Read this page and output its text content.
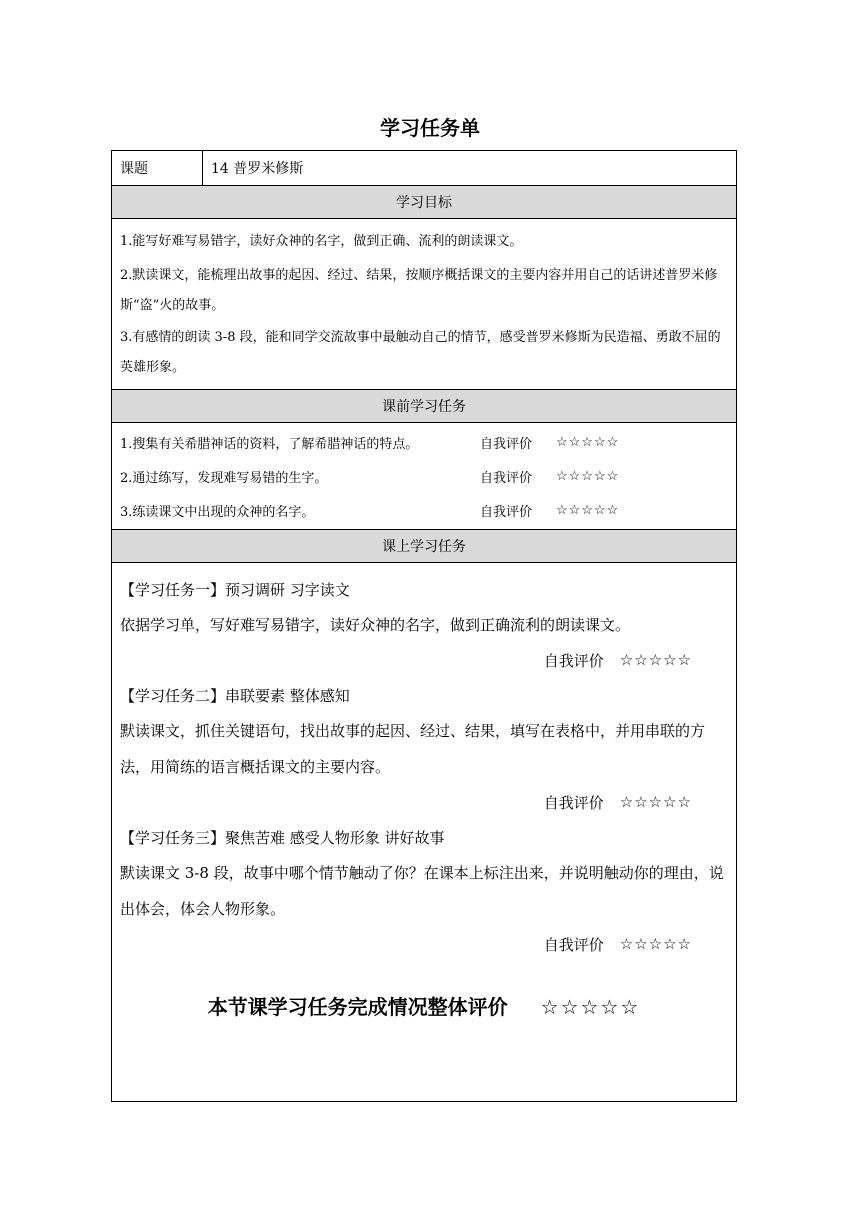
学习任务单
课题	14 普罗米修斯
学习目标

1.能写好难写易错字，读好众神的名字，做到正确、流利的朗读课文。
2.默读课文，能梳理出故事的起因、经过、结果，按顺序概括课文的主要内容并用自己的话讲述普罗米修斯“盗”火的故事。
3.有感情的朗读 3-8 段，能和同学交流故事中最触动自己的情节，感受普罗米修斯为民造福、勇敢不屈的英雄形象。

课前学习任务

1.搜集有关希腊神话的资料，了解希腊神话的特点。	自我评价	☆☆☆☆☆
2.通过练写，发现难写易错的生字。	自我评价	☆☆☆☆☆
3.练读课文中出现的众神的名字。	自我评价	☆☆☆☆☆

课上学习任务

【学习任务一】预习调研 习字读文
依据学习单，写好难写易错字，读好众神的名字，做到正确流利的朗读课文。
自我评价 ☆☆☆☆☆
【学习任务二】串联要素 整体感知
默读课文，抓住关键语句，找出故事的起因、经过、结果，填写在表格中，并用串联的方法，用简练的语言概括课文的主要内容。
自我评价 ☆☆☆☆☆
【学习任务三】聚焦苦难 感受人物形象 讲好故事
默读课文 3-8 段，故事中哪个情节触动了你？在课本上标注出来，并说明触动你的理由，说出体会，体会人物形象。
自我评价 ☆☆☆☆☆
本节课学习任务完成情况整体评价 ☆☆☆☆☆
